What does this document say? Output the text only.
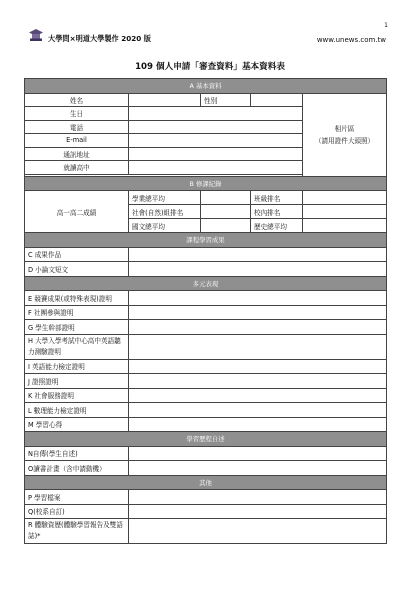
大學問×明道大學製作 2020 版
1
www.unews.com.tw
109 個人申請「審查資料」基本資料表
A 基本資料				
姓名		性別		相片區
（請用證件大頭照）

生日				
電話				
E-mail				
通訊地址				
就讀高中				

B 修課紀錄				
高一高二成績	學業總平均		班級排名	
	社會(自然)組排名		校內排名	
	國文總平均		歷史總平均	
課程學習成果				
C 成果作品				
D 小論文短文				
多元表現				
E 競賽成果(或特殊表現)證明				
F 社團參與證明				
G 學生幹部證明				
H 大學入學考試中心高中英語聽力測驗證明				
I 英語能力檢定證明				
J 證照證明				
K 社會服務證明				
L 數理能力檢定證明				
M 學習心得				
學習歷程自述				
N自傳(學生自述)				
O讀書計畫（含申請動機）				
其他				
P 學習檔案				
Q(校系自訂)				
R 體驗資歷(體驗學習報告及雙語誌)*				
